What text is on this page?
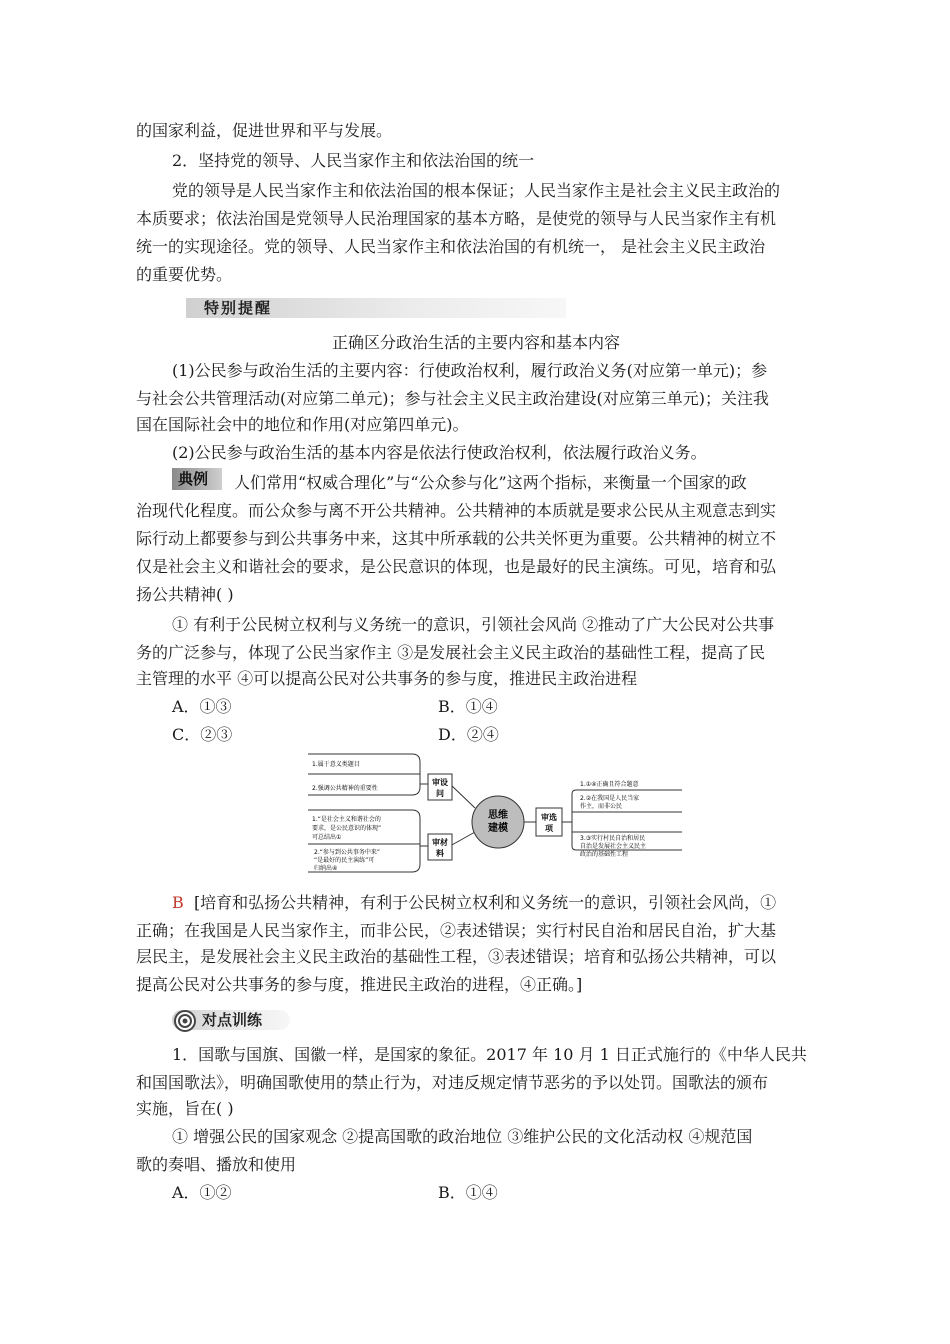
的国家利益，促进世界和平与发展。
2．坚持党的领导、人民当家作主和依法治国的统一
党的领导是人民当家作主和依法治国的根本保证；人民当家作主是社会主义民主政治的
本质要求；依法治国是党领导人民治理国家的基本方略，是使党的领导与人民当家作主有机
统一的实现途径。党的领导、人民当家作主和依法治国的有机统一， 是社会主义民主政治
的重要优势。
特别提醒
正确区分政治生活的主要内容和基本内容
(1)公民参与政治生活的主要内容：行使政治权利，履行政治义务(对应第一单元)；参
与社会公共管理活动(对应第二单元)；参与社会主义民主政治建设(对应第三单元)；关注我
国在国际社会中的地位和作用(对应第四单元)。
(2)公民参与政治生活的基本内容是依法行使政治权利，依法履行政治义务。
典例	人们常用“权威合理化”与“公众参与化”这两个指标，来衡量一个国家的政
治现代化程度。而公众参与离不开公共精神。公共精神的本质就是要求公民从主观意志到实
际行动上都要参与到公共事务中来，这其中所承载的公共关怀更为重要。公共精神的树立不
仅是社会主义和谐社会的要求，是公民意识的体现，也是最好的民主演练。可见，培育和弘
扬公共精神( )
① 有利于公民树立权利与义务统一的意识，引领社会风尚 ②推动了广大公民对公共事
务的广泛参与，体现了公民当家作主 ③是发展社会主义民主政治的基础性工程，提高了民
主管理的水平 ④可以提高公民对公共事务的参与度，推进民主政治进程
A．①③	B．①④
C．②③	D．②④
思维
建模
审设
问
审材
料
审选
项
1.属于意义类题目
2.强调公共精神的重要性
1.“是社会主义和谐社会的
要求，是公民意识的体现”
可总结出①
2.“参与到公共事务中来”
“是最好的民主演练”可
归纳出④
1.①④正确且符合题意
2.②在我国是人民当家
作主，而非公民
3.③实行村民自治和居民
自治是发展社会主义民主
政治的基础性工程
B [培育和弘扬公共精神，有利于公民树立权利和义务统一的意识，引领社会风尚，①
正确；在我国是人民当家作主，而非公民，②表述错误；实行村民自治和居民自治，扩大基
层民主，是发展社会主义民主政治的基础性工程，③表述错误；培育和弘扬公共精神，可以
提高公民对公共事务的参与度，推进民主政治的进程，④正确。]
对点训练
1．国歌与国旗、国徽一样，是国家的象征。2017 年 10 月 1 日正式施行的《中华人民共
和国国歌法》，明确国歌使用的禁止行为，对违反规定情节恶劣的予以处罚。国歌法的颁布
实施，旨在( )
① 增强公民的国家观念 ②提高国歌的政治地位 ③维护公民的文化活动权 ④规范国
歌的奏唱、播放和使用
A．①②	B．①④
